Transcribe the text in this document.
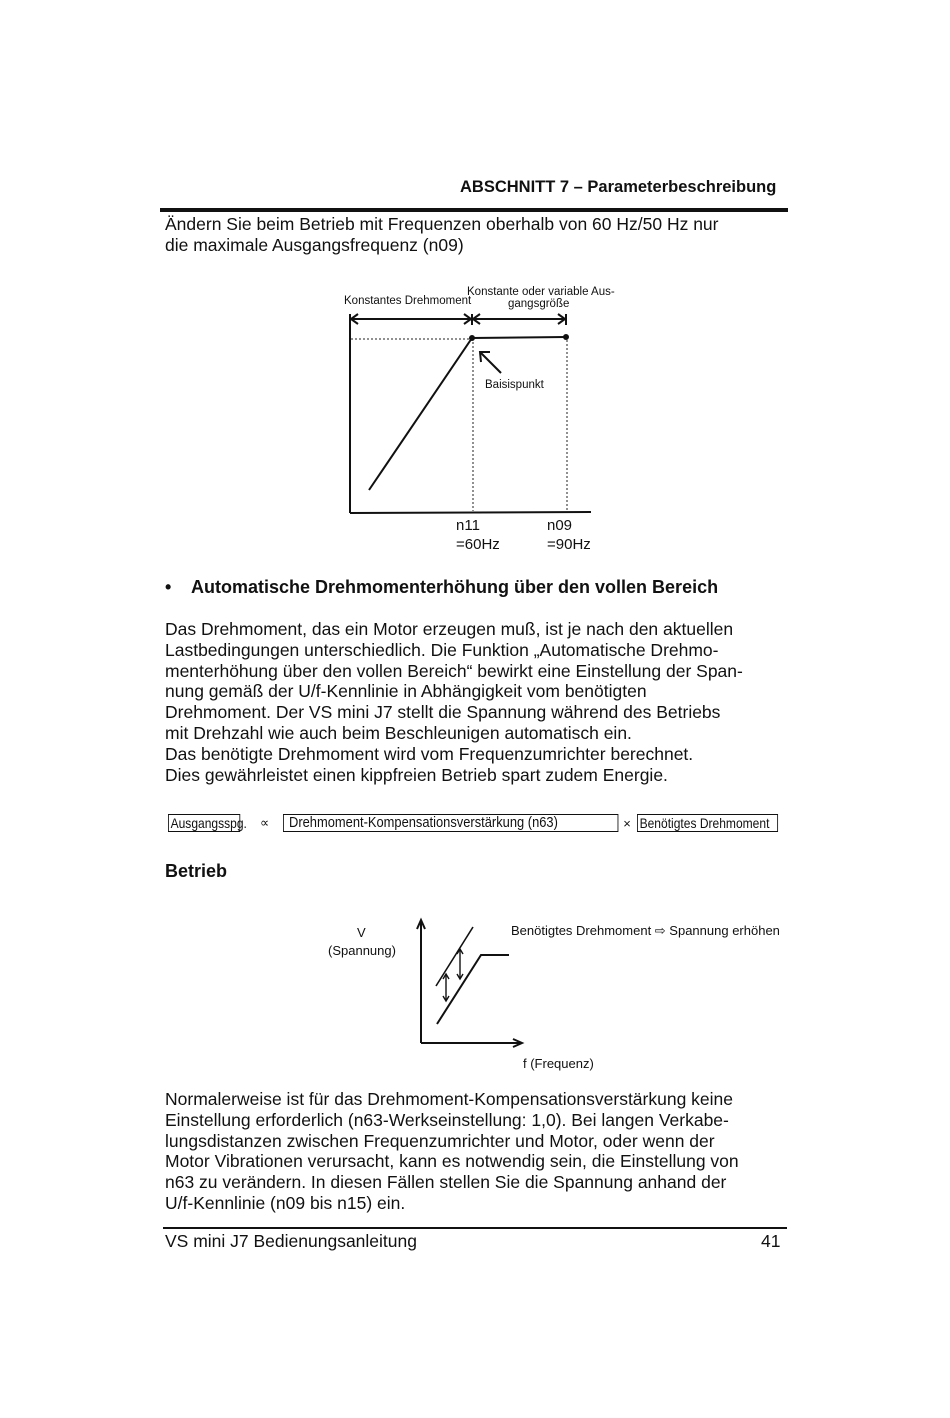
ABSCHNITT 7 – Parameterbeschreibung
Ändern Sie beim Betrieb mit Frequenzen oberhalb von 60 Hz/50 Hz nur
die maximale Ausgangsfrequenz (n09)
Konstantes Drehmoment
Konstante oder variable Aus-
gangsgröße
Baisispunkt
n11
=60Hz
n09
=90Hz
• Automatische Drehmomenterhöhung über den vollen Bereich
Das Drehmoment, das ein Motor erzeugen muß, ist je nach den aktuellen
Lastbedingungen unterschiedlich. Die Funktion „Automatische Drehmo-
menterhöhung über den vollen Bereich“ bewirkt eine Einstellung der Span-
nung gemäß der U/f-Kennlinie in Abhängigkeit vom benötigten
Drehmoment. Der VS mini J7 stellt die Spannung während des Betriebs
mit Drehzahl wie auch beim Beschleunigen automatisch ein.
Das benötigte Drehmoment wird vom Frequenzumrichter berechnet.
Dies gewährleistet einen kippfreien Betrieb spart zudem Energie.
Ausgangsspg. ∝	Drehmoment-Kompensationsverstärkung (n63)	× Benötigtes Drehmoment
Betrieb
V
(Spannung)
Benötigtes Drehmoment ⇨ Spannung erhöhen
f (Frequenz)
Normalerweise ist für das Drehmoment-Kompensationsverstärkung keine
Einstellung erforderlich (n63-Werkseinstellung: 1,0). Bei langen Verkabe-
lungsdistanzen zwischen Frequenzumrichter und Motor, oder wenn der
Motor Vibrationen verursacht, kann es notwendig sein, die Einstellung von
n63 zu verändern. In diesen Fällen stellen Sie die Spannung anhand der
U/f-Kennlinie (n09 bis n15) ein.
VS mini J7 Bedienungsanleitung	41
